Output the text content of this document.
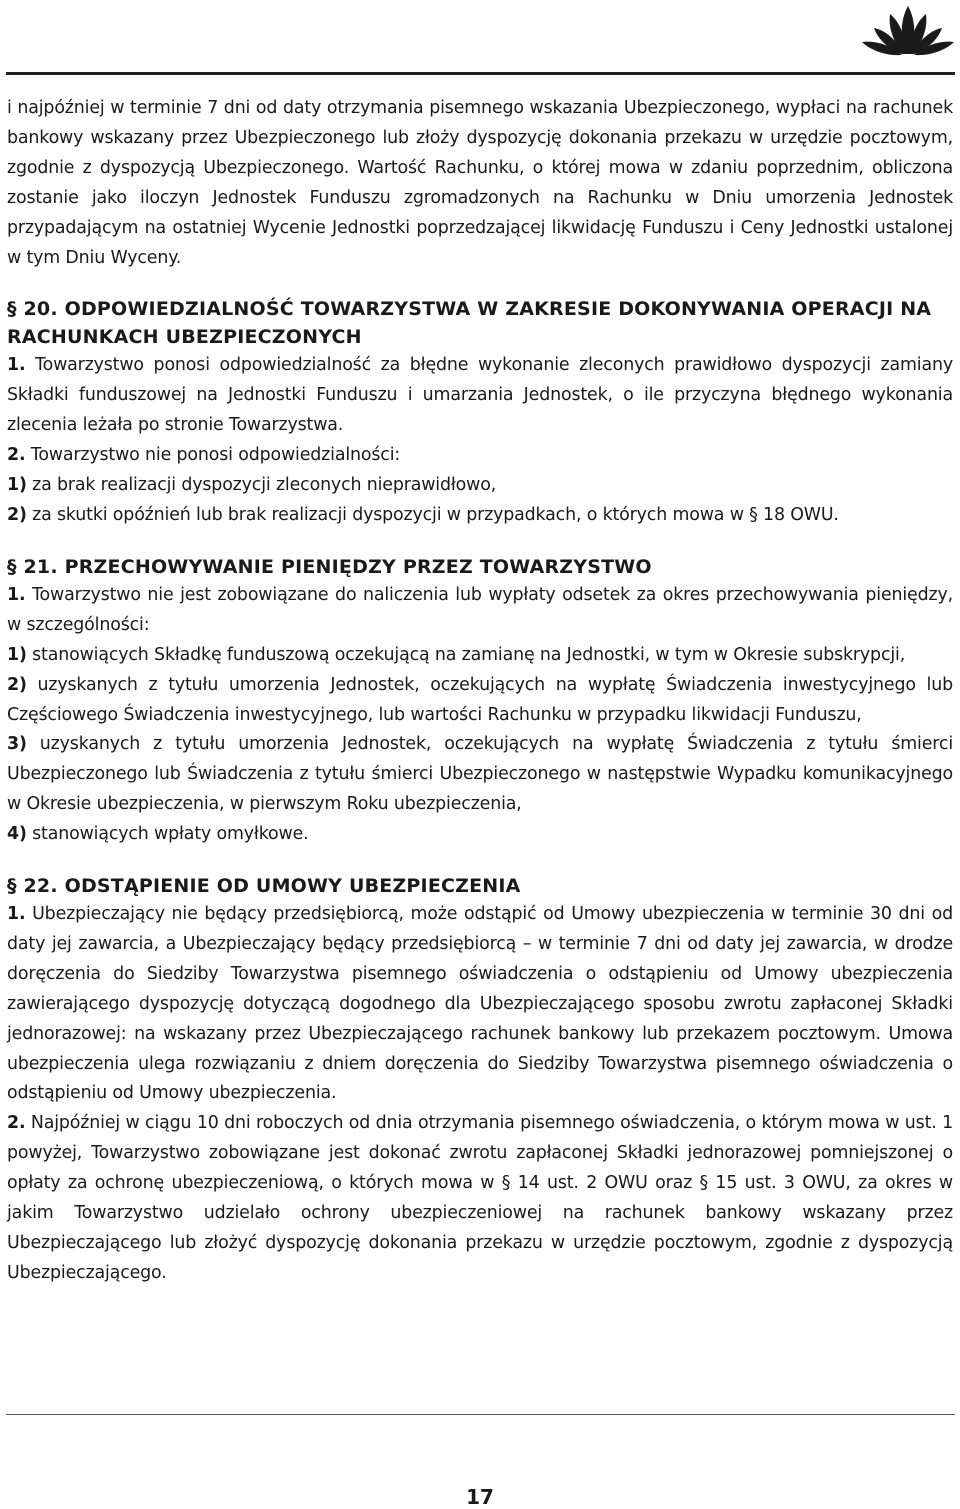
i najpóźniej w terminie 7 dni od daty otrzymania pisemnego wskazania Ubezpieczonego, wypłaci na rachunek bankowy wskazany przez Ubezpieczonego lub złoży dyspozycję dokonania przekazu w urzędzie pocztowym, zgodnie z dyspozycją Ubezpieczonego. Wartość Rachunku, o której mowa w zdaniu poprzednim, obliczona zostanie jako iloczyn Jednostek Funduszu zgromadzonych na Rachunku w Dniu umorzenia Jednostek przypadającym na ostatniej Wycenie Jednostki poprzedzającej likwidację Funduszu i Ceny Jednostki ustalonej w tym Dniu Wyceny.

§ 20. ODPOWIEDZIALNOŚĆ TOWARZYSTWA W ZAKRESIE DOKONYWANIA OPERACJI NA RACHUNKACH UBEZPIECZONYCH

1. Towarzystwo ponosi odpowiedzialność za błędne wykonanie zleconych prawidłowo dyspozycji zamiany Składki funduszowej na Jednostki Funduszu i umarzania Jednostek, o ile przyczyna błędnego wykonania zlecenia leżała po stronie Towarzystwa.

2. Towarzystwo nie ponosi odpowiedzialności:

1) za brak realizacji dyspozycji zleconych nieprawidłowo,

2) za skutki opóźnień lub brak realizacji dyspozycji w przypadkach, o których mowa w § 18 OWU.

§ 21. PRZECHOWYWANIE PIENIĘDZY PRZEZ TOWARZYSTWO

1. Towarzystwo nie jest zobowiązane do naliczenia lub wypłaty odsetek za okres przechowywania pieniędzy, w szczególności:

1) stanowiących Składkę funduszową oczekującą na zamianę na Jednostki, w tym w Okresie subskrypcji,

2) uzyskanych z tytułu umorzenia Jednostek, oczekujących na wypłatę Świadczenia inwestycyjnego lub Częściowego Świadczenia inwestycyjnego, lub wartości Rachunku w przypadku likwidacji Funduszu,

3) uzyskanych z tytułu umorzenia Jednostek, oczekujących na wypłatę Świadczenia z tytułu śmierci Ubezpieczonego lub Świadczenia z tytułu śmierci Ubezpieczonego w następstwie Wypadku komunikacyjnego w Okresie ubezpieczenia, w pierwszym Roku ubezpieczenia,

4) stanowiących wpłaty omyłkowe.

§ 22. ODSTĄPIENIE OD UMOWY UBEZPIECZENIA

1. Ubezpieczający nie będący przedsiębiorcą, może odstąpić od Umowy ubezpieczenia w terminie 30 dni od daty jej zawarcia, a Ubezpieczający będący przedsiębiorcą – w terminie 7 dni od daty jej zawarcia, w drodze doręczenia do Siedziby Towarzystwa pisemnego oświadczenia o odstąpieniu od Umowy ubezpieczenia zawierającego dyspozycję dotyczącą dogodnego dla Ubezpieczającego sposobu zwrotu zapłaconej Składki jednorazowej: na wskazany przez Ubezpieczającego rachunek bankowy lub przekazem pocztowym. Umowa ubezpieczenia ulega rozwiązaniu z dniem doręczenia do Siedziby Towarzystwa pisemnego oświadczenia o odstąpieniu od Umowy ubezpieczenia.

2. Najpóźniej w ciągu 10 dni roboczych od dnia otrzymania pisemnego oświadczenia, o którym mowa w ust. 1 powyżej, Towarzystwo zobowiązane jest dokonać zwrotu zapłaconej Składki jednorazowej pomniejszonej o opłaty za ochronę ubezpieczeniową, o których mowa w § 14 ust. 2 OWU oraz § 15 ust. 3 OWU, za okres w jakim Towarzystwo udzielało ochrony ubezpieczeniowej na rachunek bankowy wskazany przez Ubezpieczającego lub złożyć dyspozycję dokonania przekazu w urzędzie pocztowym, zgodnie z dyspozycją Ubezpieczającego.

17
